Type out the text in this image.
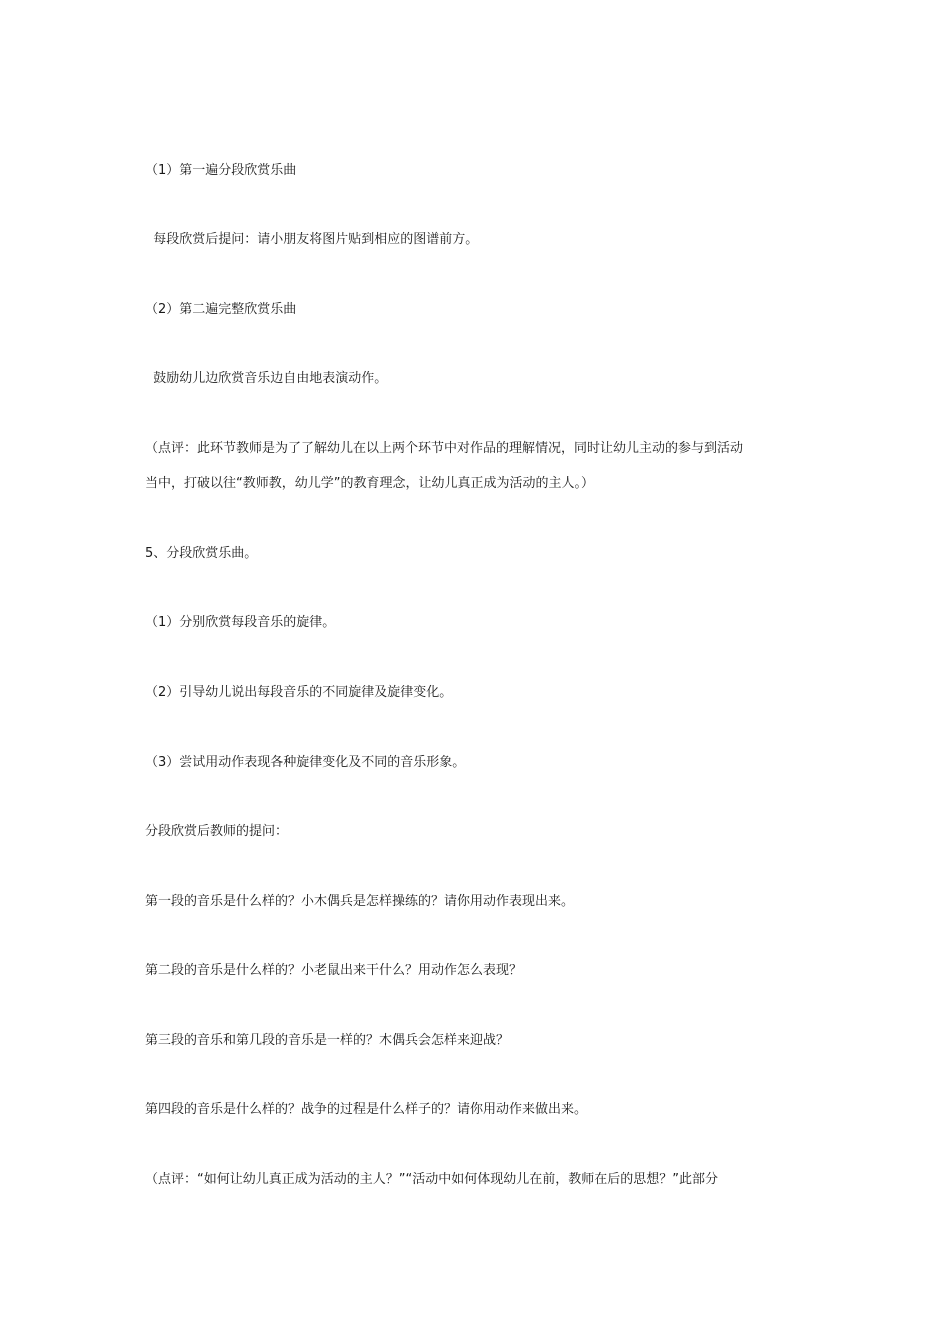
（1）第一遍分段欣赏乐曲
每段欣赏后提问：请小朋友将图片贴到相应的图谱前方。
（2）第二遍完整欣赏乐曲
鼓励幼儿边欣赏音乐边自由地表演动作。
（点评：此环节教师是为了了解幼儿在以上两个环节中对作品的理解情况，同时让幼儿主动的参与到活动
当中，打破以往“教师教，幼儿学”的教育理念，让幼儿真正成为活动的主人。）
5、分段欣赏乐曲。
（1）分别欣赏每段音乐的旋律。
（2）引导幼儿说出每段音乐的不同旋律及旋律变化。
（3）尝试用动作表现各种旋律变化及不同的音乐形象。
分段欣赏后教师的提问：
第一段的音乐是什么样的？小木偶兵是怎样操练的？请你用动作表现出来。
第二段的音乐是什么样的？小老鼠出来干什么？用动作怎么表现？
第三段的音乐和第几段的音乐是一样的？木偶兵会怎样来迎战？
第四段的音乐是什么样的？战争的过程是什么样子的？请你用动作来做出来。
（点评：“如何让幼儿真正成为活动的主人？”“活动中如何体现幼儿在前，教师在后的思想？”此部分
